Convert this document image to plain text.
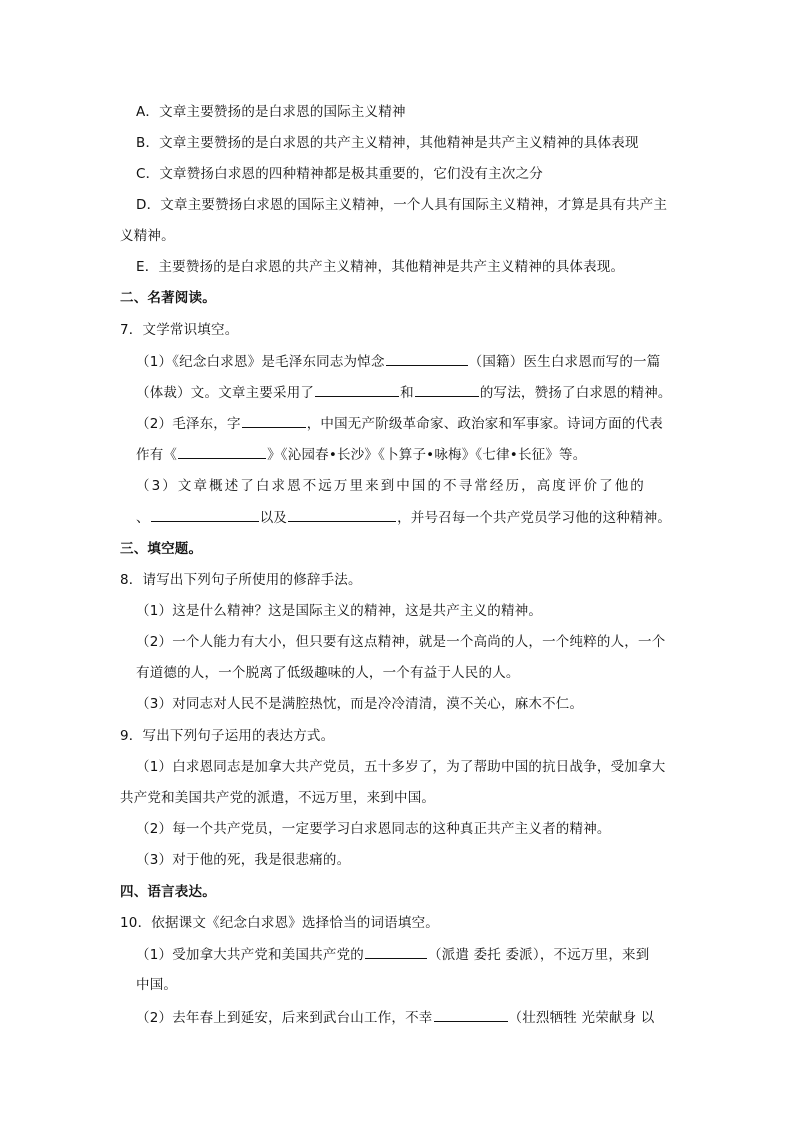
A．文章主要赞扬的是白求恩的国际主义精神
B．文章主要赞扬的是白求恩的共产主义精神，其他精神是共产主义精神的具体表现
C．文章赞扬白求恩的四种精神都是极其重要的，它们没有主次之分
D．文章主要赞扬白求恩的国际主义精神，一个人具有国际主义精神，才算是具有共产主
义精神。
E．主要赞扬的是白求恩的共产主义精神，其他精神是共产主义精神的具体表现。
二、名著阅读。
7．文学常识填空。
（1）《纪念白求恩》是毛泽东同志为悼念	（国籍）医生白求恩而写的一篇
（体裁）文。文章主要采用了	和	的写法，赞扬了白求恩的精神。
（2）毛泽东，字	，中国无产阶级革命家、政治家和军事家。诗词方面的代表
作有《	》《沁园春•长沙》《卜算子•咏梅》《七律•长征》等。
（3）文章概述了白求恩不远万里来到中国的不寻常经历，高度评价了他的
、	以及	，并号召每一个共产党员学习他的这种精神。
三、填空题。
8．请写出下列句子所使用的修辞手法。
（1）这是什么精神？这是国际主义的精神，这是共产主义的精神。
（2）一个人能力有大小，但只要有这点精神，就是一个高尚的人，一个纯粹的人，一个
有道德的人，一个脱离了低级趣味的人，一个有益于人民的人。
（3）对同志对人民不是满腔热忱，而是冷冷清清，漠不关心，麻木不仁。
9．写出下列句子运用的表达方式。
（1）白求恩同志是加拿大共产党员，五十多岁了，为了帮助中国的抗日战争，受加拿大
共产党和美国共产党的派遣，不远万里，来到中国。
（2）每一个共产党员，一定要学习白求恩同志的这种真正共产主义者的精神。
（3）对于他的死，我是很悲痛的。
四、语言表达。
10．依据课文《纪念白求恩》选择恰当的词语填空。
（1）受加拿大共产党和美国共产党的	（派遣 委托 委派），不远万里，来到
中国。
（2）去年春上到延安，后来到武台山工作，不幸	（壮烈牺牲 光荣献身 以
